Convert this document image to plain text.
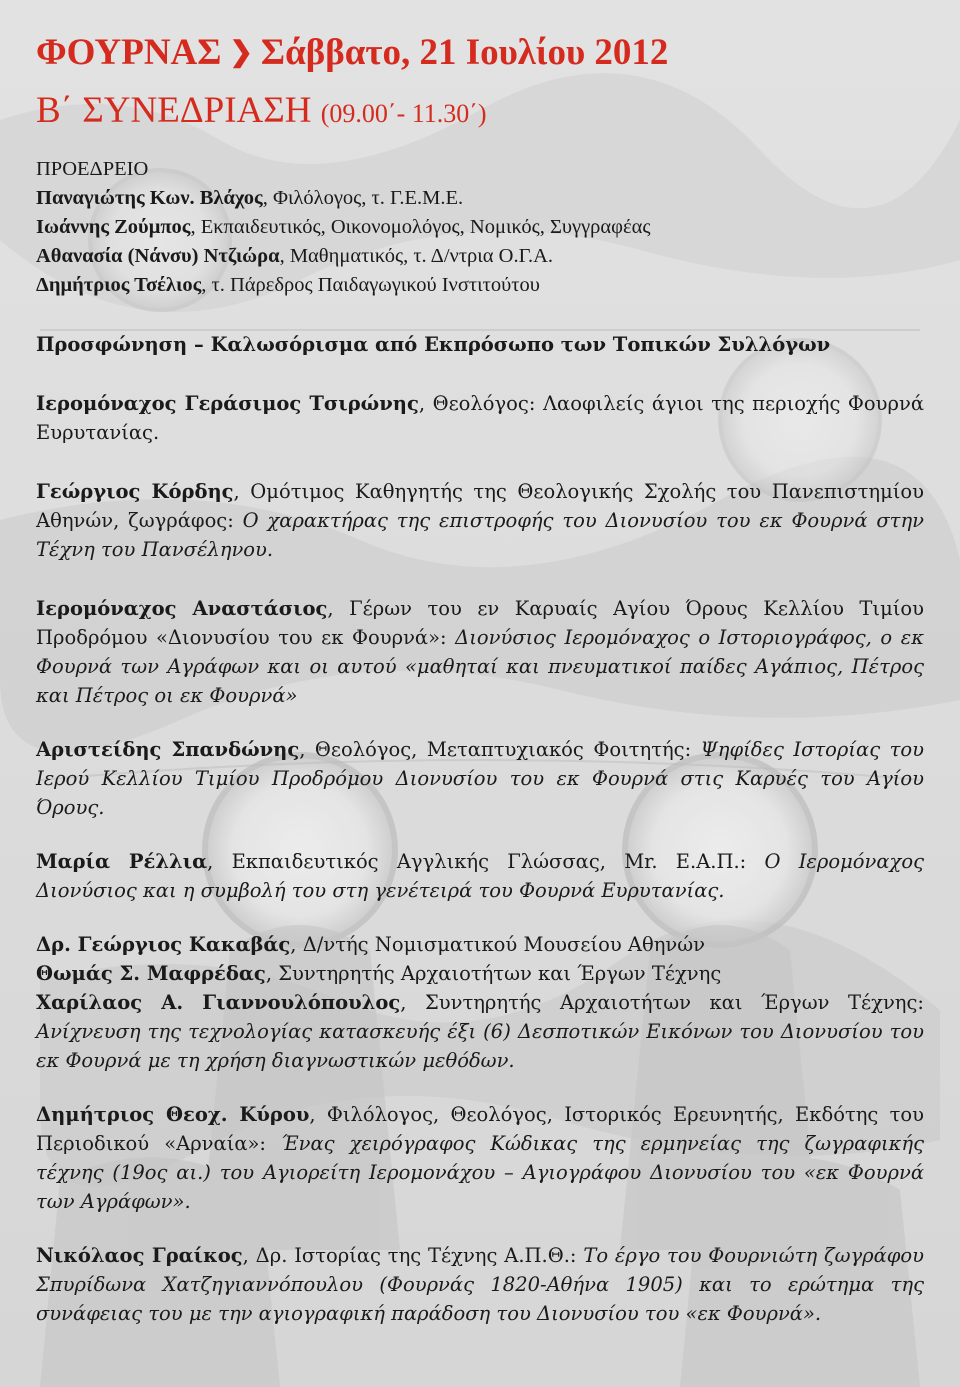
ΦΟΥΡΝΑΣ ❯ Σάββατο, 21 Ιουλίου 2012
Β΄ ΣΥΝΕΔΡΙΑΣΗ (09.00΄- 11.30΄)
ΠΡΟΕΔΡΕΙΟ
Παναγιώτης Κων. Βλάχος, Φιλόλογος, τ. Γ.Ε.Μ.Ε.
Ιωάννης Ζούμπος, Εκπαιδευτικός, Οικονομολόγος, Νομικός, Συγγραφέας
Αθανασία (Νάνσυ) Ντζιώρα, Μαθηματικός, τ. Δ/ντρια Ο.Γ.Α.
Δημήτριος Τσέλιος, τ. Πάρεδρος Παιδαγωγικού Ινστιτούτου

Προσφώνηση – Καλωσόρισμα από Εκπρόσωπο των Τοπικών Συλλόγων

Ιερομόναχος Γεράσιμος Τσιρώνης, Θεολόγος: Λαοφιλείς άγιοι της περιοχής Φουρνά Ευρυτανίας.

Γεώργιος Κόρδης, Ομότιμος Καθηγητής της Θεολογικής Σχολής του Πανεπιστημίου Αθηνών, ζωγράφος: Ο χαρακτήρας της επιστροφής του Διονυσίου του εκ Φουρνά στην Τέχνη του Πανσέληνου.

Ιερομόναχος Αναστάσιος, Γέρων του εν Καρυαίς Αγίου Όρους Κελλίου Τιμίου Προδρόμου «Διονυσίου του εκ Φουρνά»: Διονύσιος Ιερομόναχος ο Ιστοριογράφος, ο εκ Φουρνά των Αγράφων και οι αυτού «μαθηταί και πνευματικοί παίδες Αγάπιος, Πέτρος και Πέτρος οι εκ Φουρνά»

Αριστείδης Σπανδώνης, Θεολόγος, Μεταπτυχιακός Φοιτητής: Ψηφίδες Ιστορίας του Ιερού Κελλίου Τιμίου Προδρόμου Διονυσίου του εκ Φουρνά στις Καρυές του Αγίου Όρους.

Μαρία Ρέλλια, Εκπαιδευτικός Αγγλικής Γλώσσας, Mr. Ε.Α.Π.: Ο Ιερομόναχος Διονύσιος και η συμβολή του στη γενέτειρά του Φουρνά Ευρυτανίας.

Δρ. Γεώργιος Κακαβάς, Δ/ντής Νομισματικού Μουσείου Αθηνών

Θωμάς Σ. Μαφρέδας, Συντηρητής Αρχαιοτήτων και Έργων Τέχνης

Χαρίλαος Α. Γιαννουλόπουλος, Συντηρητής Αρχαιοτήτων και Έργων Τέχνης: Ανίχνευση της τεχνολογίας κατασκευής έξι (6) Δεσποτικών Εικόνων του Διονυσίου του εκ Φουρνά με τη χρήση διαγνωστικών μεθόδων.

Δημήτριος Θεοχ. Κύρου, Φιλόλογος, Θεολόγος, Ιστορικός Ερευνητής, Εκδότης του Περιοδικού «Αρναία»: Ένας χειρόγραφος Κώδικας της ερμηνείας της ζωγραφικής τέχνης (19ος αι.) του Αγιορείτη Ιερομονάχου – Αγιογράφου Διονυσίου του «εκ Φουρνά των Αγράφων».

Νικόλαος Γραίκος, Δρ. Ιστορίας της Τέχνης Α.Π.Θ.: Το έργο του Φουρνιώτη ζωγράφου Σπυρίδωνα Χατζηγιαννόπουλου (Φουρνάς 1820-Αθήνα 1905) και το ερώτημα της συνάφειας του με την αγιογραφική παράδοση του Διονυσίου του «εκ Φουρνά».
